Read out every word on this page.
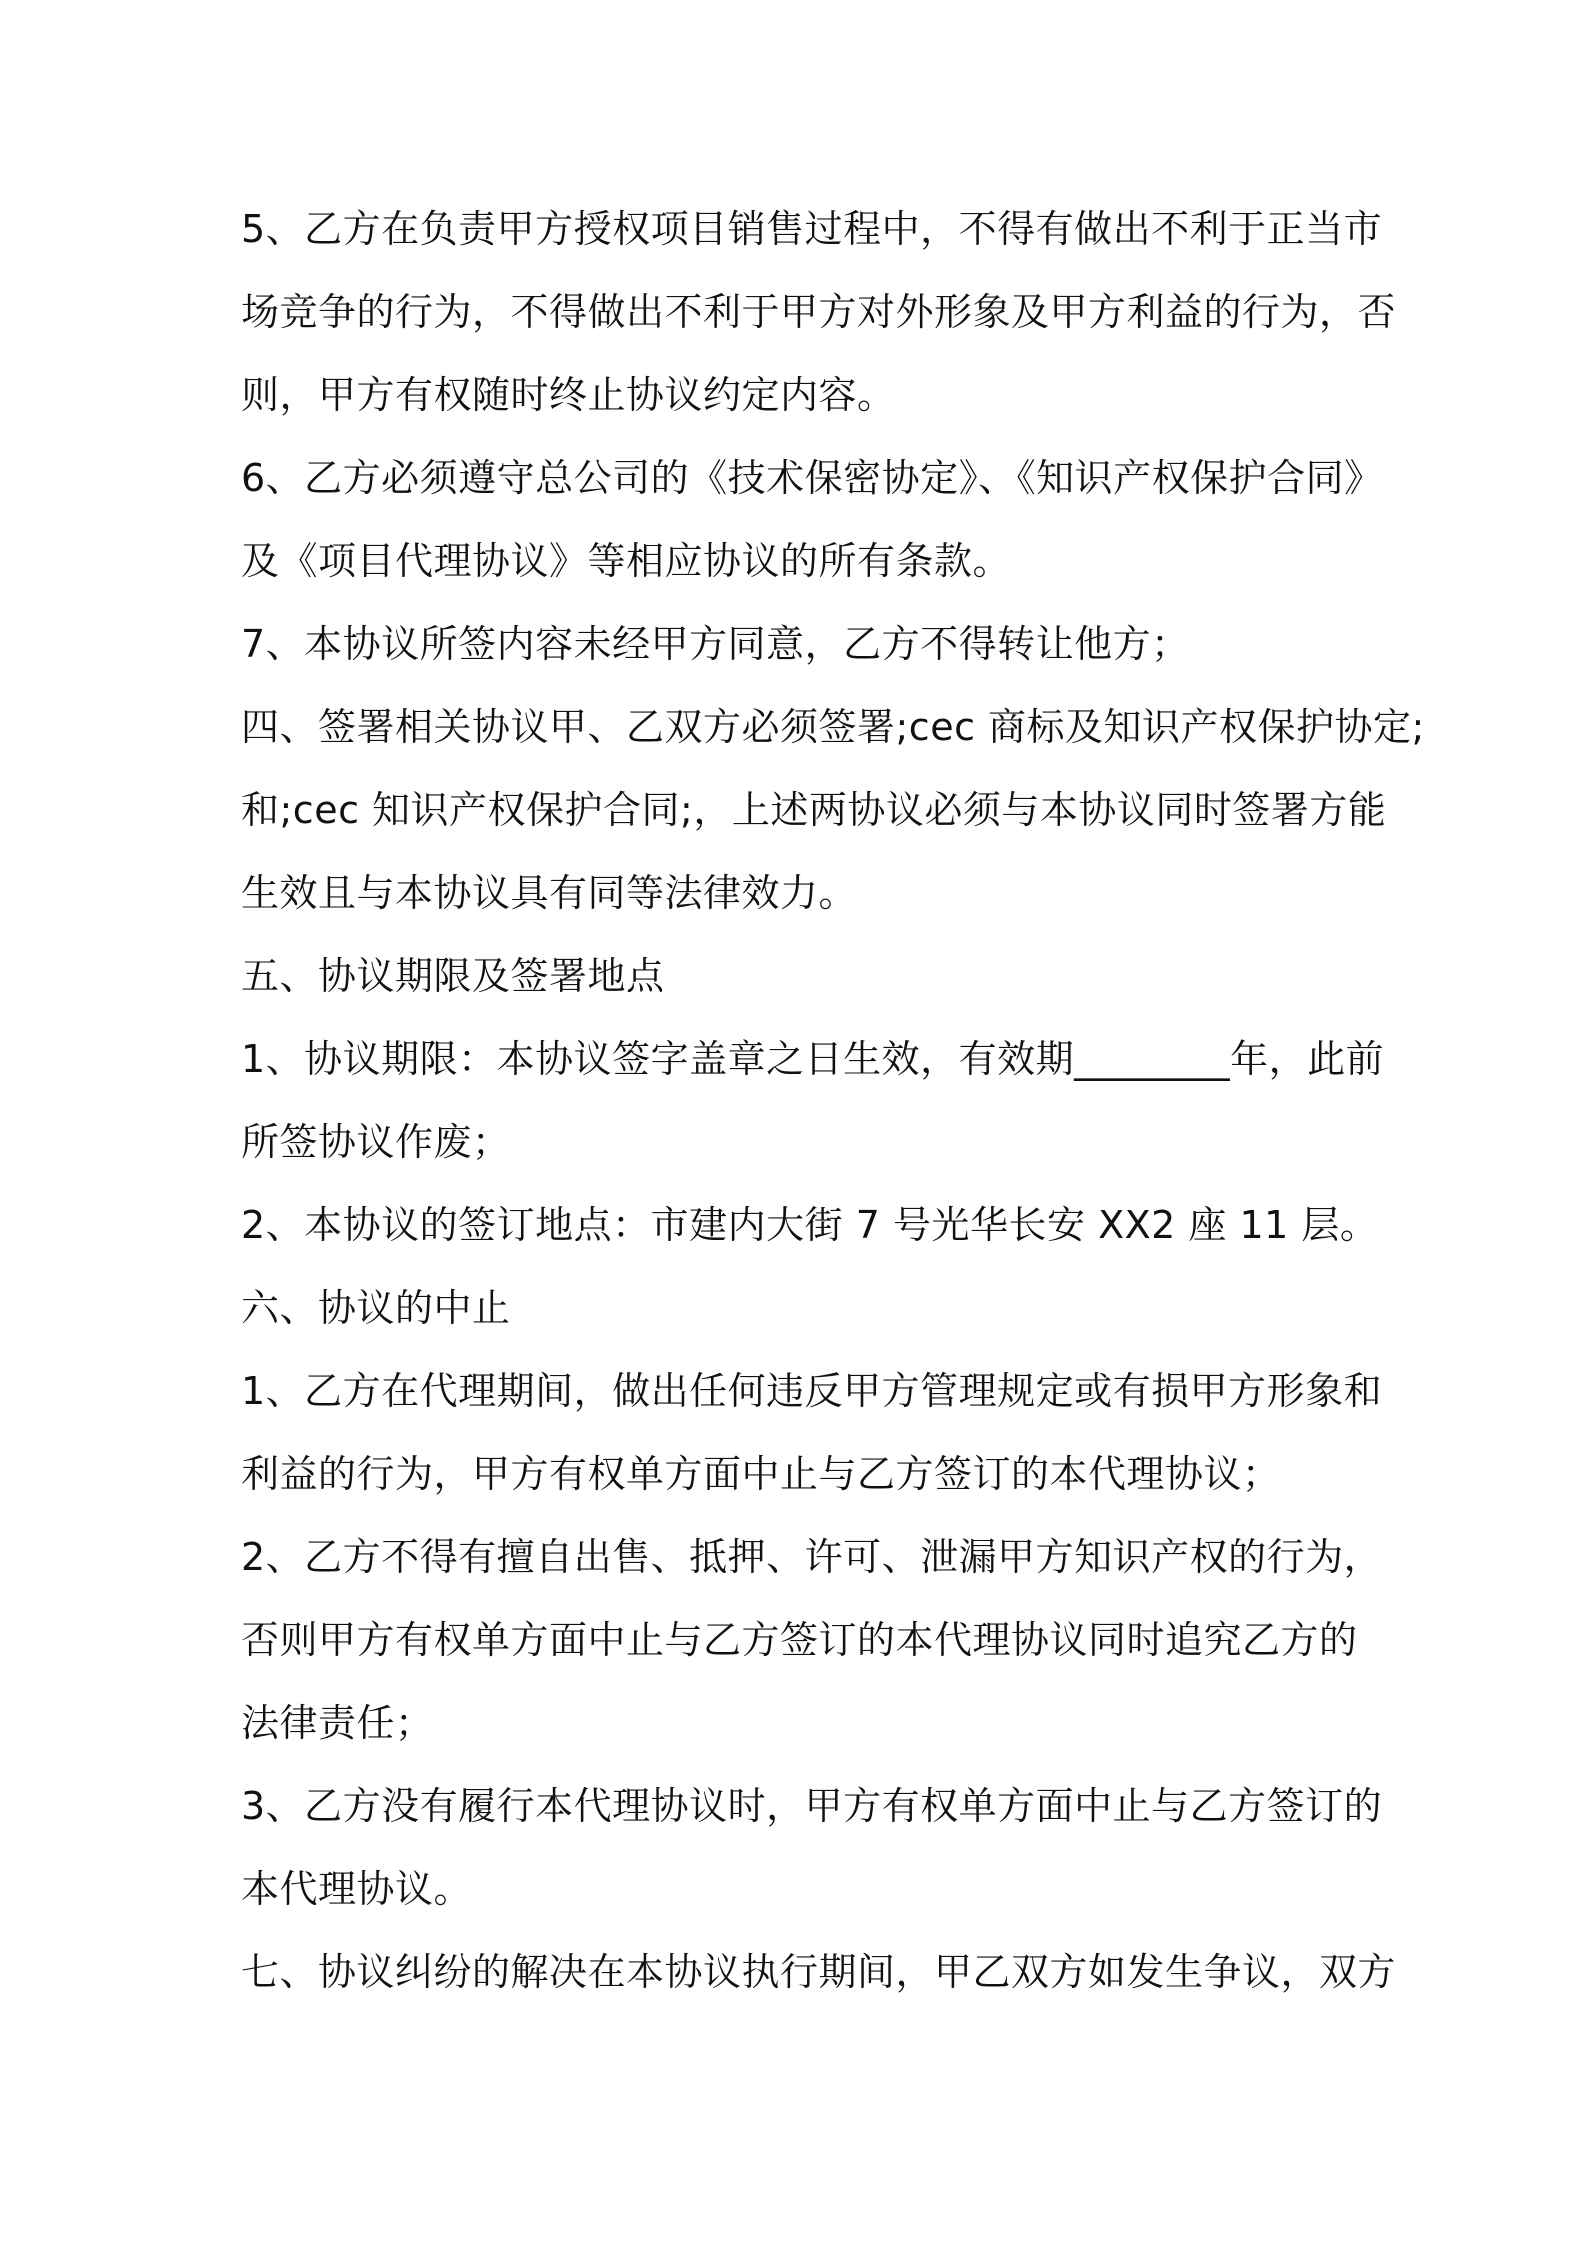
5、乙方在负责甲方授权项目销售过程中，不得有做出不利于正当市
场竞争的行为，不得做出不利于甲方对外形象及甲方利益的行为，否
则，甲方有权随时终止协议约定内容。
6、乙方必须遵守总公司的《技术保密协定》、《知识产权保护合同》
及《项目代理协议》等相应协议的所有条款。
7、本协议所签内容未经甲方同意，乙方不得转让他方；
四、签署相关协议甲、乙双方必须签署;cec 商标及知识产权保护协定;
和;cec 知识产权保护合同;，上述两协议必须与本协议同时签署方能
生效且与本协议具有同等法律效力。
五、协议期限及签署地点
1、协议期限：本协议签字盖章之日生效，有效期________年，此前
所签协议作废；
2、本协议的签订地点：市建内大街 7 号光华长安 XX2 座 11 层。
六、协议的中止
1、乙方在代理期间，做出任何违反甲方管理规定或有损甲方形象和
利益的行为，甲方有权单方面中止与乙方签订的本代理协议；
2、乙方不得有擅自出售、抵押、许可、泄漏甲方知识产权的行为，
否则甲方有权单方面中止与乙方签订的本代理协议同时追究乙方的
法律责任；
3、乙方没有履行本代理协议时，甲方有权单方面中止与乙方签订的
本代理协议。
七、协议纠纷的解决在本协议执行期间，甲乙双方如发生争议，双方
